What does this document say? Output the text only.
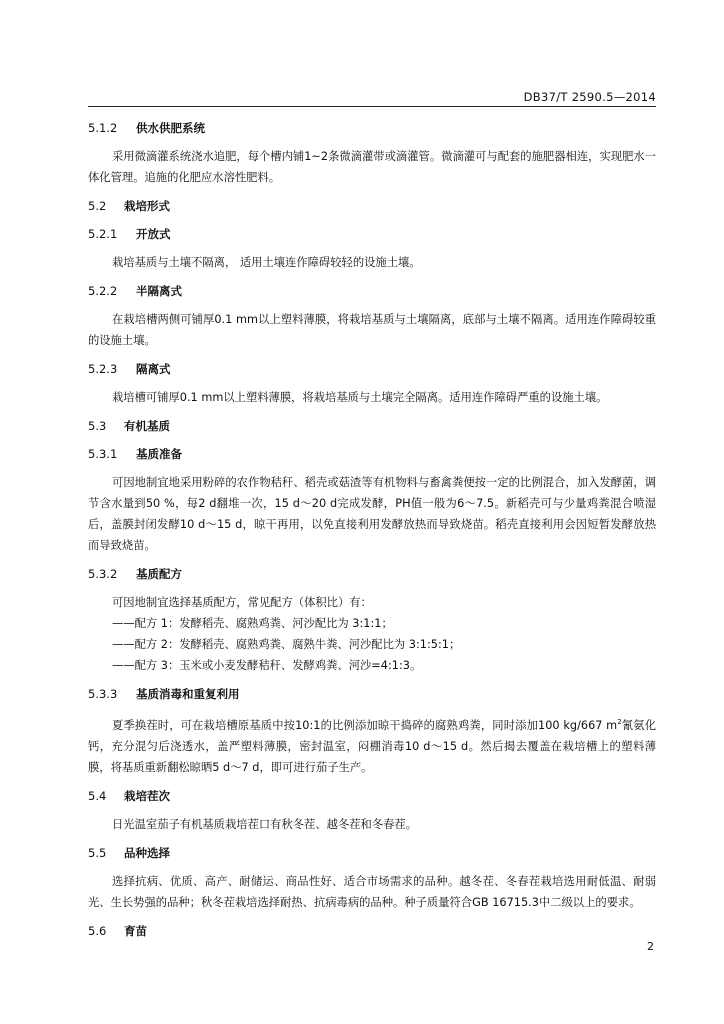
DB37/T 2590.5—2014
5.1.2 供水供肥系统

采用微滴灌系统浇水追肥，每个槽内铺1~2条微滴灌带或滴灌管。微滴灌可与配套的施肥器相连，实现肥水一体化管理。追施的化肥应水溶性肥料。

5.2 栽培形式
5.2.1 开放式

栽培基质与土壤不隔离， 适用土壤连作障碍较轻的设施土壤。

5.2.2 半隔离式

在栽培槽两侧可铺厚0.1 mm以上塑料薄膜，将栽培基质与土壤隔离，底部与土壤不隔离。适用连作障碍较重的设施土壤。

5.2.3 隔离式

栽培槽可铺厚0.1 mm以上塑料薄膜，将栽培基质与土壤完全隔离。适用连作障碍严重的设施土壤。

5.3 有机基质
5.3.1 基质准备

可因地制宜地采用粉碎的农作物秸秆、稻壳或菇渣等有机物料与畜禽粪便按一定的比例混合，加入发酵菌，调节含水量到50 %，每2 d翻堆一次，15 d～20 d完成发酵，PH值一般为6～7.5。新稻壳可与少量鸡粪混合喷湿后，盖膜封闭发酵10 d～15 d，晾干再用，以免直接利用发酵放热而导致烧苗。稻壳直接利用会因短暂发酵放热而导致烧苗。

5.3.2 基质配方

可因地制宜选择基质配方，常见配方（体积比）有：

——配方 1：发酵稻壳、腐熟鸡粪、河沙配比为 3:1:1；

——配方 2：发酵稻壳、腐熟鸡粪、腐熟牛粪、河沙配比为 3:1:5:1；

——配方 3：玉米或小麦发酵秸秆、发酵鸡粪、河沙=4:1:3。

5.3.3 基质消毒和重复利用

夏季换茬时，可在栽培槽原基质中按10:1的比例添加晾干捣碎的腐熟鸡粪，同时添加100 kg/667 $m^2$氰氨化钙，充分混匀后浇透水，盖严塑料薄膜，密封温室，闷棚消毒10 d～15 d。然后揭去覆盖在栽培槽上的塑料薄膜，将基质重新翻松晾晒5 d～7 d，即可进行茄子生产。

5.4 栽培茬次

日光温室茄子有机基质栽培茬口有秋冬茬、越冬茬和冬春茬。

5.5 品种选择

选择抗病、优质、高产、耐储运、商品性好、适合市场需求的品种。越冬茬、冬春茬栽培选用耐低温、耐弱光、生长势强的品种；秋冬茬栽培选择耐热、抗病毒病的品种。种子质量符合GB 16715.3中二级以上的要求。

5.6 育苗
2
